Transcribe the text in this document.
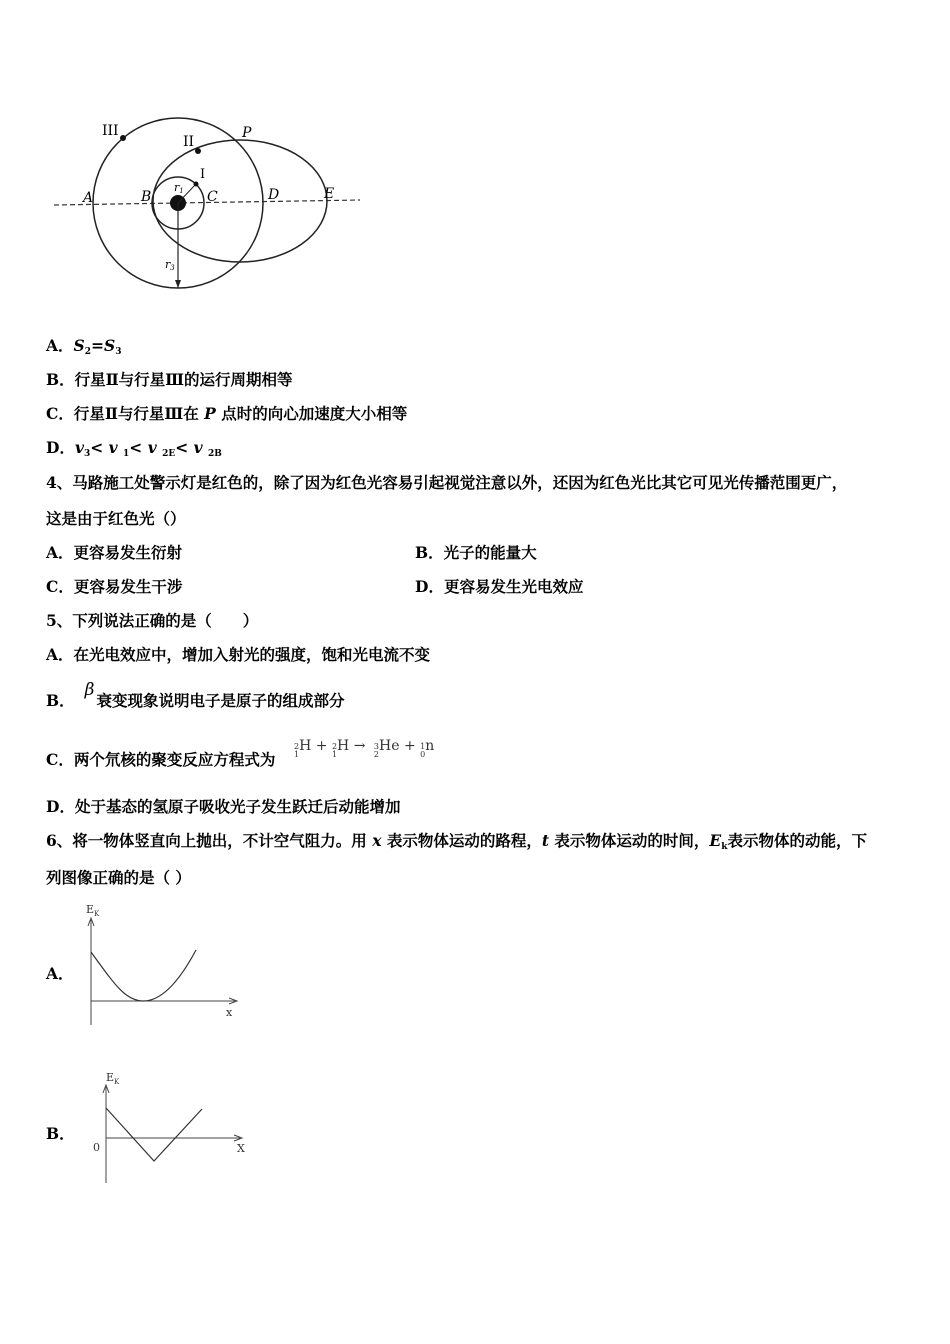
III
II
I
P
A	B	C	D	E
r1
r3
A．$S_2=S_3$
B．行星Ⅱ与行星Ⅲ的运行周期相等
C．行星Ⅱ与行星Ⅲ在 P 点时的向心加速度大小相等
D．$v_3< v$ $_1$< v $_{2E}$< v $_{2B}$
4、马路施工处警示灯是红色的，除了因为红色光容易引起视觉注意以外，还因为红色光比其它可见光传播范围更广，
这是由于红色光（）
A．更容易发生衍射	B．光子的能量大
C．更容易发生干涉	D．更容易发生光电效应
5、下列说法正确的是（　　）
A．在光电效应中，增加入射光的强度，饱和光电流不变
B．β衰变现象说明电子是原子的组成部分
C．两个氘核的聚变反应方程式为
2
1
H + 2
1
H → 3
2
He + 1
0
n
D．处于基态的氢原子吸收光子发生跃迁后动能增加
6、将一物体竖直向上抛出，不计空气阻力。用 x 表示物体运动的路程，t 表示物体运动的时间，$E_k$表示物体的动能，下
列图像正确的是（ ）
A．
$E_K$
x
B．
$E_K$
X
0
